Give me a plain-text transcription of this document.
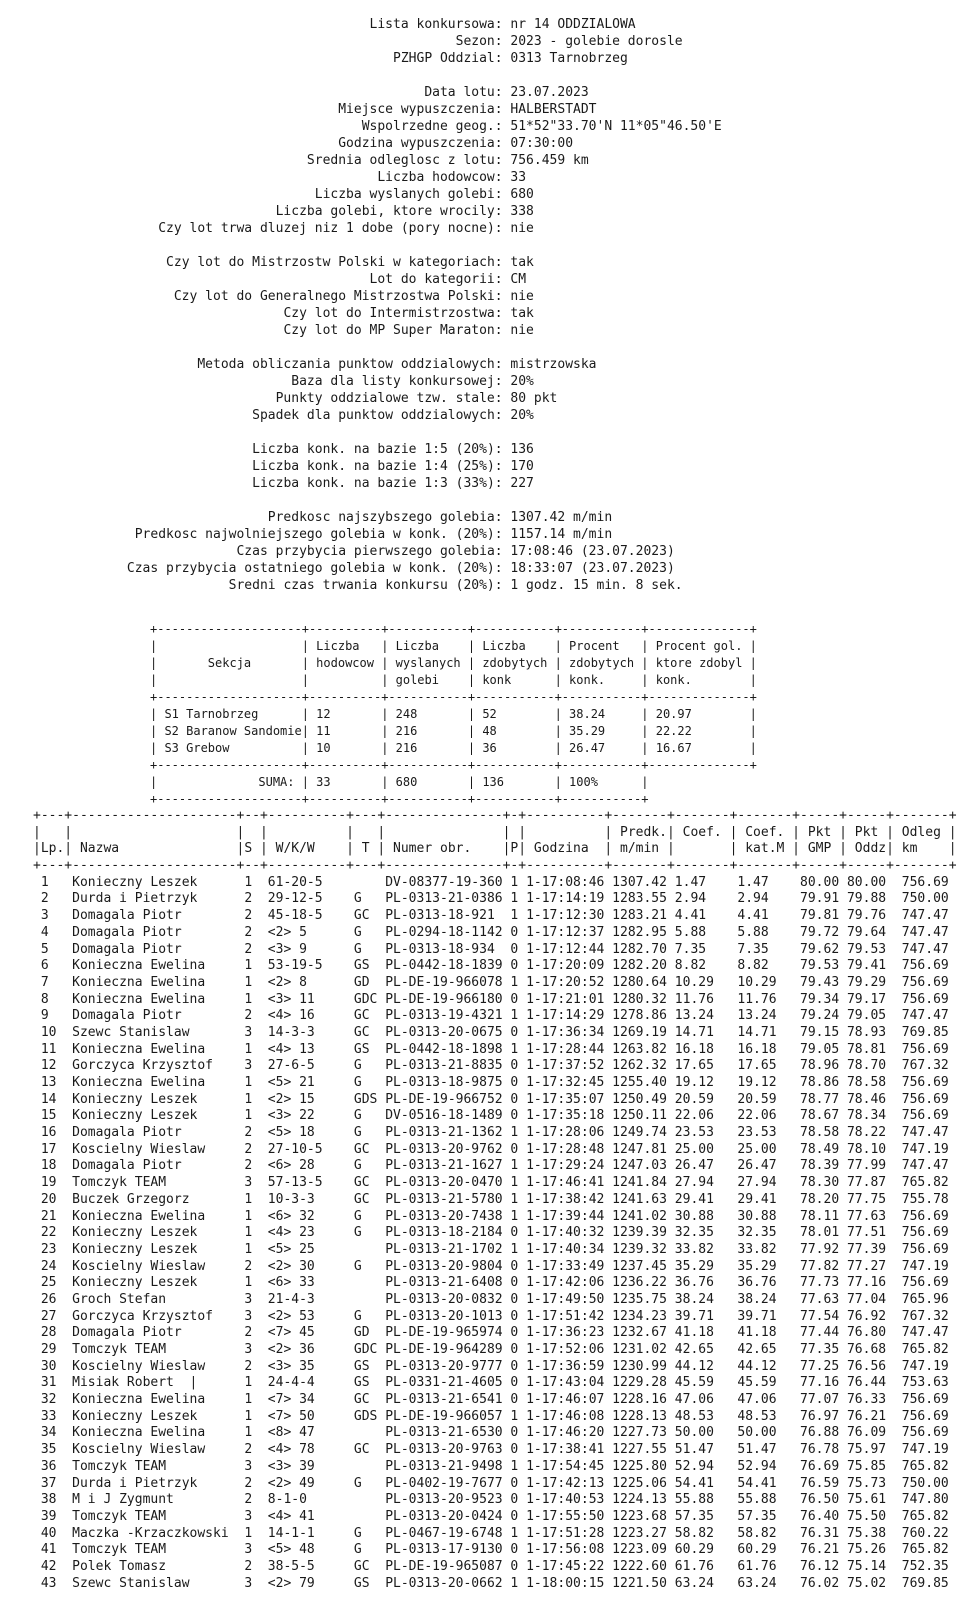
Lista konkursowa: nr 14 ODDZIALOWA
Sezon: 2023 - golebie dorosle
PZHGP Oddzial: 0313 Tarnobrzeg
Data lotu: 23.07.2023
Miejsce wypuszczenia: HALBERSTADT
Wspolrzedne geog.: 51*52"33.70'N 11*05"46.50'E
Godzina wypuszczenia: 07:30:00
Srednia odleglosc z lotu: 756.459 km
Liczba hodowcow: 33
Liczba wyslanych golebi: 680
Liczba golebi, ktore wrocily: 338
Czy lot trwa dluzej niz 1 dobe (pory nocne): nie
Czy lot do Mistrzostw Polski w kategoriach: tak
Lot do kategorii: CM
Czy lot do Generalnego Mistrzostwa Polski: nie
Czy lot do Intermistrzostwa: tak
Czy lot do MP Super Maraton: nie
Metoda obliczania punktow oddzialowych: mistrzowska
Baza dla listy konkursowej: 20%
Punkty oddzialowe tzw. stale: 80 pkt
Spadek dla punktow oddzialowych: 20%
Liczba konk. na bazie 1:5 (20%): 136
Liczba konk. na bazie 1:4 (25%): 170
Liczba konk. na bazie 1:3 (33%): 227
Predkosc najszybszego golebia: 1307.42 m/min
Predkosc najwolniejszego golebia w konk. (20%): 1157.14 m/min
Czas przybycia pierwszego golebia: 17:08:46 (23.07.2023)
Czas przybycia ostatniego golebia w konk. (20%): 18:33:07 (23.07.2023)
Sredni czas trwania konkursu (20%): 1 godz. 15 min. 8 sek.
+--------------------+----------+-----------+-----------+-----------+--------------+
|                    | Liczba   | Liczba    | Liczba    | Procent   | Procent gol. |
|       Sekcja       | hodowcow | wyslanych | zdobytych | zdobytych | ktore zdobyl |
|                    |          | golebi    | konk      | konk.     | konk.        |
+--------------------+----------+-----------+-----------+-----------+--------------+
| S1 Tarnobrzeg      | 12       | 248       | 52        | 38.24     | 20.97        |
| S2 Baranow Sandomie| 11       | 216       | 48        | 35.29     | 22.22        |
| S3 Grebow          | 10       | 216       | 36        | 26.47     | 16.67        |
+--------------------+----------+-----------+-----------+-----------+--------------+
|              SUMA: | 33       | 680       | 136       | 100%      |
+--------------------+----------+-----------+-----------+-----------+
+---+---------------------+--+----------+---+---------------+-+----------+-------+-------+-------+-----+-----+-------+
|   |                     |  |          |   |               | |          | Predk.| Coef. | Coef. | Pkt | Pkt | Odleg |
|Lp.| Nazwa               |S | W/K/W    | T | Numer obr.    |P| Godzina  | m/min |       | kat.M | GMP | Oddz| km    |
+---+---------------------+--+----------+---+---------------+-+----------+-------+-------+-------+-----+-----+-------+
1   Konieczny Leszek      1  61-20-5        DV-08377-19-360 1 1-17:08:46 1307.42 1.47    1.47    80.00 80.00  756.69
2   Durda i Pietrzyk      2  29-12-5    G   PL-0313-21-0386 1 1-17:14:19 1283.55 2.94    2.94    79.91 79.88  750.00
3   Domagala Piotr        2  45-18-5    GC  PL-0313-18-921  1 1-17:12:30 1283.21 4.41    4.41    79.81 79.76  747.47
4   Domagala Piotr        2  <2> 5      G   PL-0294-18-1142 0 1-17:12:37 1282.95 5.88    5.88    79.72 79.64  747.47
5   Domagala Piotr        2  <3> 9      G   PL-0313-18-934  0 1-17:12:44 1282.70 7.35    7.35    79.62 79.53  747.47
6   Konieczna Ewelina     1  53-19-5    GS  PL-0442-18-1839 0 1-17:20:09 1282.20 8.82    8.82    79.53 79.41  756.69
7   Konieczna Ewelina     1  <2> 8      GD  PL-DE-19-966078 1 1-17:20:52 1280.64 10.29   10.29   79.43 79.29  756.69
8   Konieczna Ewelina     1  <3> 11     GDC PL-DE-19-966180 0 1-17:21:01 1280.32 11.76   11.76   79.34 79.17  756.69
9   Domagala Piotr        2  <4> 16     GC  PL-0313-19-4321 1 1-17:14:29 1278.86 13.24   13.24   79.24 79.05  747.47
10  Szewc Stanislaw       3  14-3-3     GC  PL-0313-20-0675 0 1-17:36:34 1269.19 14.71   14.71   79.15 78.93  769.85
11  Konieczna Ewelina     1  <4> 13     GS  PL-0442-18-1898 1 1-17:28:44 1263.82 16.18   16.18   79.05 78.81  756.69
12  Gorczyca Krzysztof    3  27-6-5     G   PL-0313-21-8835 0 1-17:37:52 1262.32 17.65   17.65   78.96 78.70  767.32
13  Konieczna Ewelina     1  <5> 21     G   PL-0313-18-9875 0 1-17:32:45 1255.40 19.12   19.12   78.86 78.58  756.69
14  Konieczny Leszek      1  <2> 15     GDS PL-DE-19-966752 0 1-17:35:07 1250.49 20.59   20.59   78.77 78.46  756.69
15  Konieczny Leszek      1  <3> 22     G   DV-0516-18-1489 0 1-17:35:18 1250.11 22.06   22.06   78.67 78.34  756.69
16  Domagala Piotr        2  <5> 18     G   PL-0313-21-1362 1 1-17:28:06 1249.74 23.53   23.53   78.58 78.22  747.47
17  Koscielny Wieslaw     2  27-10-5    GC  PL-0313-20-9762 0 1-17:28:48 1247.81 25.00   25.00   78.49 78.10  747.19
18  Domagala Piotr        2  <6> 28     G   PL-0313-21-1627 1 1-17:29:24 1247.03 26.47   26.47   78.39 77.99  747.47
19  Tomczyk TEAM          3  57-13-5    GC  PL-0313-20-0470 1 1-17:46:41 1241.84 27.94   27.94   78.30 77.87  765.82
20  Buczek Grzegorz       1  10-3-3     GC  PL-0313-21-5780 1 1-17:38:42 1241.63 29.41   29.41   78.20 77.75  755.78
21  Konieczna Ewelina     1  <6> 32     G   PL-0313-20-7438 1 1-17:39:44 1241.02 30.88   30.88   78.11 77.63  756.69
22  Konieczny Leszek      1  <4> 23     G   PL-0313-18-2184 0 1-17:40:32 1239.39 32.35   32.35   78.01 77.51  756.69
23  Konieczny Leszek      1  <5> 25         PL-0313-21-1702 1 1-17:40:34 1239.32 33.82   33.82   77.92 77.39  756.69
24  Koscielny Wieslaw     2  <2> 30     G   PL-0313-20-9804 0 1-17:33:49 1237.45 35.29   35.29   77.82 77.27  747.19
25  Konieczny Leszek      1  <6> 33         PL-0313-21-6408 0 1-17:42:06 1236.22 36.76   36.76   77.73 77.16  756.69
26  Groch Stefan          3  21-4-3         PL-0313-20-0832 0 1-17:49:50 1235.75 38.24   38.24   77.63 77.04  765.96
27  Gorczyca Krzysztof    3  <2> 53     G   PL-0313-20-1013 0 1-17:51:42 1234.23 39.71   39.71   77.54 76.92  767.32
28  Domagala Piotr        2  <7> 45     GD  PL-DE-19-965974 0 1-17:36:23 1232.67 41.18   41.18   77.44 76.80  747.47
29  Tomczyk TEAM          3  <2> 36     GDC PL-DE-19-964289 0 1-17:52:06 1231.02 42.65   42.65   77.35 76.68  765.82
30  Koscielny Wieslaw     2  <3> 35     GS  PL-0313-20-9777 0 1-17:36:59 1230.99 44.12   44.12   77.25 76.56  747.19
31  Misiak Robert  |      1  24-4-4     GS  PL-0331-21-4605 0 1-17:43:04 1229.28 45.59   45.59   77.16 76.44  753.63
32  Konieczna Ewelina     1  <7> 34     GC  PL-0313-21-6541 0 1-17:46:07 1228.16 47.06   47.06   77.07 76.33  756.69
33  Konieczny Leszek      1  <7> 50     GDS PL-DE-19-966057 1 1-17:46:08 1228.13 48.53   48.53   76.97 76.21  756.69
34  Konieczna Ewelina     1  <8> 47         PL-0313-21-6530 0 1-17:46:20 1227.73 50.00   50.00   76.88 76.09  756.69
35  Koscielny Wieslaw     2  <4> 78     GC  PL-0313-20-9763 0 1-17:38:41 1227.55 51.47   51.47   76.78 75.97  747.19
36  Tomczyk TEAM          3  <3> 39         PL-0313-21-9498 1 1-17:54:45 1225.80 52.94   52.94   76.69 75.85  765.82
37  Durda i Pietrzyk      2  <2> 49     G   PL-0402-19-7677 0 1-17:42:13 1225.06 54.41   54.41   76.59 75.73  750.00
38  M i J Zygmunt         2  8-1-0          PL-0313-20-9523 0 1-17:40:53 1224.13 55.88   55.88   76.50 75.61  747.80
39  Tomczyk TEAM          3  <4> 41         PL-0313-20-0424 0 1-17:55:50 1223.68 57.35   57.35   76.40 75.50  765.82
40  Maczka -Krzaczkowski  1  14-1-1     G   PL-0467-19-6748 1 1-17:51:28 1223.27 58.82   58.82   76.31 75.38  760.22
41  Tomczyk TEAM          3  <5> 48     G   PL-0313-17-9130 0 1-17:56:08 1223.09 60.29   60.29   76.21 75.26  765.82
42  Polek Tomasz          2  38-5-5     GC  PL-DE-19-965087 0 1-17:45:22 1222.60 61.76   61.76   76.12 75.14  752.35
43  Szewc Stanislaw       3  <2> 79     GS  PL-0313-20-0662 1 1-18:00:15 1221.50 63.24   63.24   76.02 75.02  769.85
